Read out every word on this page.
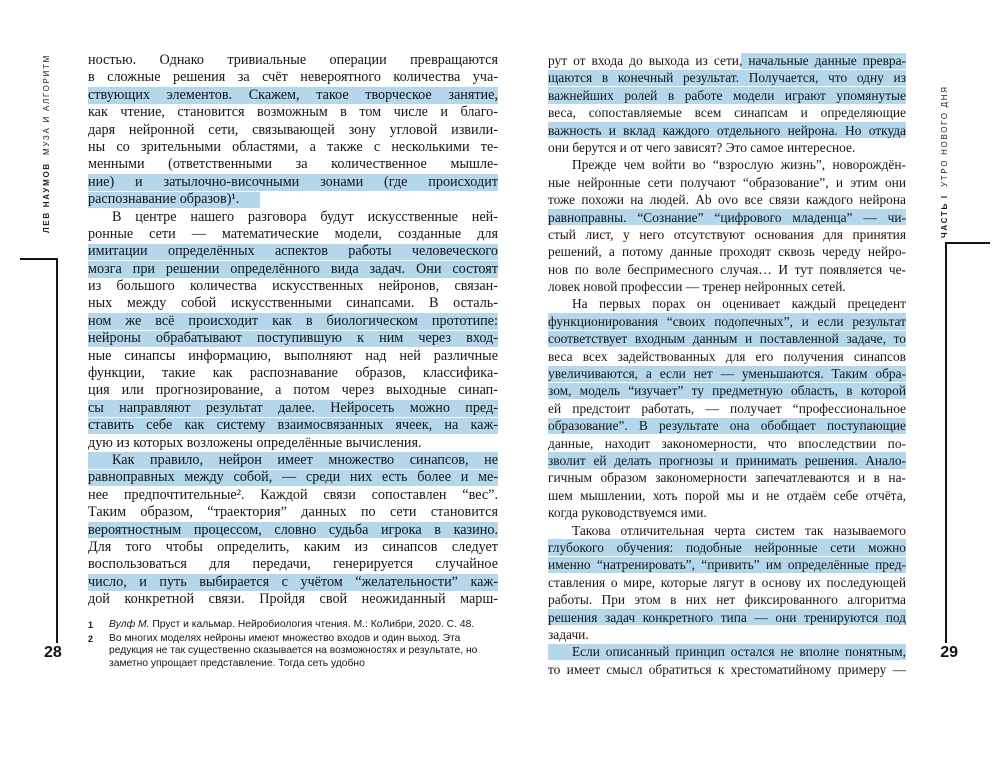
ЛЕВ НАУМОВМУЗА И АЛГОРИТМ
ЧАСТЬ IУТРО НОВОГО ДНЯ
ностью. Однако тривиальные операции превращаются
в сложные решения за счёт невероятного количества уча-
ствующих элементов. Скажем, такое творческое занятие,
как чтение, становится возможным в том числе и благо-
даря нейронной сети, связывающей зону угловой извили-
ны со зрительными областями, а также с несколькими те-
менными (ответственными за количественное мышле-
ние) и затылочно-височными зонами (где происходит
распознавание образов)¹.
В центре нашего разговора будут искусственные ней-
ронные сети — математические модели, созданные для
имитации определённых аспектов работы человеческого
мозга при решении определённого вида задач. Они состоят
из большого количества искусственных нейронов, связан-
ных между собой искусственными синапсами. В осталь-
ном же всё происходит как в биологическом прототипе:
нейроны обрабатывают поступившую к ним через вход-
ные синапсы информацию, выполняют над ней различные
функции, такие как распознавание образов, классифика-
ция или прогнозирование, а потом через выходные синап-
сы направляют результат далее. Нейросеть можно пред-
ставить себе как систему взаимосвязанных ячеек, на каж-
дую из которых возложены определённые вычисления.
Как правило, нейрон имеет множество синапсов, не
равноправных между собой, — среди них есть более и ме-
нее предпочтительные². Каждой связи сопоставлен “вес”.
Таким образом, “траектория” данных по сети становится
вероятностным процессом, словно судьба игрока в казино.
Для того чтобы определить, каким из синапсов следует
воспользоваться для передачи, генерируется случайное
число, и путь выбирается с учётом “желательности” каж-
дой конкретной связи. Пройдя свой неожиданный марш-
рут от входа до выхода из сети, начальные данные превра-
щаются в конечный результат. Получается, что одну из
важнейших ролей в работе модели играют упомянутые
веса, сопоставляемые всем синапсам и определяющие
важность и вклад каждого отдельного нейрона. Но откуда
они берутся и от чего зависят? Это самое интересное.
Прежде чем войти во “взрослую жизнь”, новорождён-
ные нейронные сети получают “образование”, и этим они
тоже похожи на людей. Ab ovo все связи каждого нейрона
равноправны. “Сознание” “цифрового младенца” — чи-
стый лист, у него отсутствуют основания для принятия
решений, а потому данные проходят сквозь череду нейро-
нов по воле беспримесного случая… И тут появляется че-
ловек новой профессии — тренер нейронных сетей.
На первых порах он оценивает каждый прецедент
функционирования “своих подопечных”, и если результат
соответствует входным данным и поставленной задаче, то
веса всех задействованных для его получения синапсов
увеличиваются, а если нет — уменьшаются. Таким обра-
зом, модель “изучает” ту предметную область, в которой
ей предстоит работать, — получает “профессиональное
образование”. В результате она обобщает поступающие
данные, находит закономерности, что впоследствии по-
зволит ей делать прогнозы и принимать решения. Анало-
гичным образом закономерности запечатлеваются и в на-
шем мышлении, хоть порой мы и не отдаём себе отчёта,
когда руководствуемся ими.
Такова отличительная черта систем так называемого
глубокого обучения: подобные нейронные сети можно
именно “натренировать”, “привить” им определённые пред-
ставления о мире, которые лягут в основу их последующей
работы. При этом в них нет фиксированного алгоритма
решения задач конкретного типа — они тренируются под
задачи.
Если описанный принцип остался не вполне понятным,
то имеет смысл обратиться к хрестоматийному примеру —
1	Вулф М. Пруст и кальмар. Нейробиология чтения. М.: КоЛибри, 2020. С. 48.
2	Во многих моделях нейроны имеют множество входов и один выход. Эта редукция не так существенно сказывается на возможностях и результате, но заметно упрощает представление. Тогда сеть удобно
28	29
